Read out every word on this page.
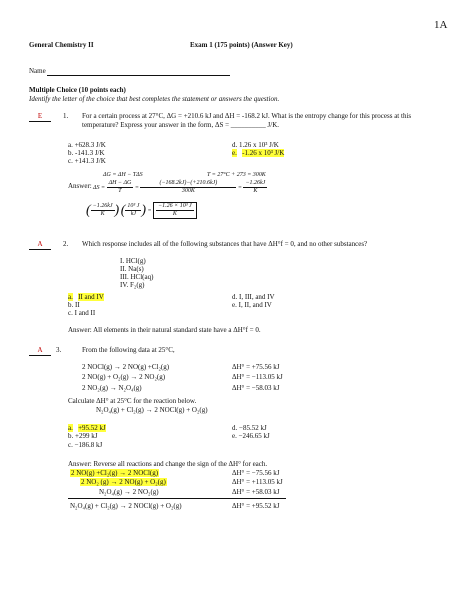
1A
General Chemistry II	Exam 1 (175 points) (Answer Key)
Name
Multiple Choice (10 points each)
Identify the letter of the choice that best completes the statement or answers the question.
E	1. For a certain process at 27°C, ΔG = +210.6 kJ and ΔH = -168.2 kJ. What is the entropy change for this process at this
temperature? Express your answer in the form, ΔS = __________ J/K.
a. +628.3 J/K
b. -141.3 J/K
c. +141.3 J/K
d. 1.26 x 10³ J/K
e. -1.26 x 10³ J/K
Answer:
ΔG = ΔH − TΔS	T = 27°C + 273 = 300K
$\Delta S = \frac{\Delta H - \Delta G}{T} = \frac{(-168.2kJ)-(+210.6kJ)}{300K} = \frac{-1.26kJ}{K}$
( $\frac{-1.26kJ}{K}$ ) ( $\frac{\text{10³ J}}{kJ}$ ) = $\frac{\text{−1.26 × 10³ J}}{K}$
A	2. Which response includes all of the following substances that have ΔH°f = 0, and no other substances?
I. HCl(g)
II. Na(s)
III. HCl(aq)
IV. F₂(g)
a. II and IV
b. II
c. I and II
d. I, III, and IV
e. I, II, and IV
Answer: All elements in their natural standard state have a ΔH°f = 0.
A	3.	From the following data at 25°C,
2 NOCl(g) → 2 NO(g) +Cl₂(g)	ΔH° = +75.56 kJ
2 NO(g) + O₂(g) → 2 NO₂(g)	ΔH° = −113.05 kJ
2 NO₂(g) → N₂O₄(g)	ΔH° = −58.03 kJ
Calculate ΔH° at 25°C for the reaction below.
N₂O₄(g) + Cl₂(g) → 2 NOCl(g) + O₂(g)
a. +95.52 kJ
b. +299 kJ
c. −186.8 kJ
d. −85.52 kJ
e. −246.65 kJ
Answer: Reverse all reactions and change the sign of the ΔH° for each.
2 NO(g) +Cl₂(g) → 2 NOCl(g)	ΔH° = −75.56 kJ
2 NO₂ (g) → 2 NO(g) + O₂(g)	ΔH° = +113.05 kJ
N₂O₄(g) → 2 NO₂(g)	ΔH° = +58.03 kJ
N₂O₄(g) + Cl₂(g) → 2 NOCl(g) + O₂(g)	ΔH° = +95.52 kJ
